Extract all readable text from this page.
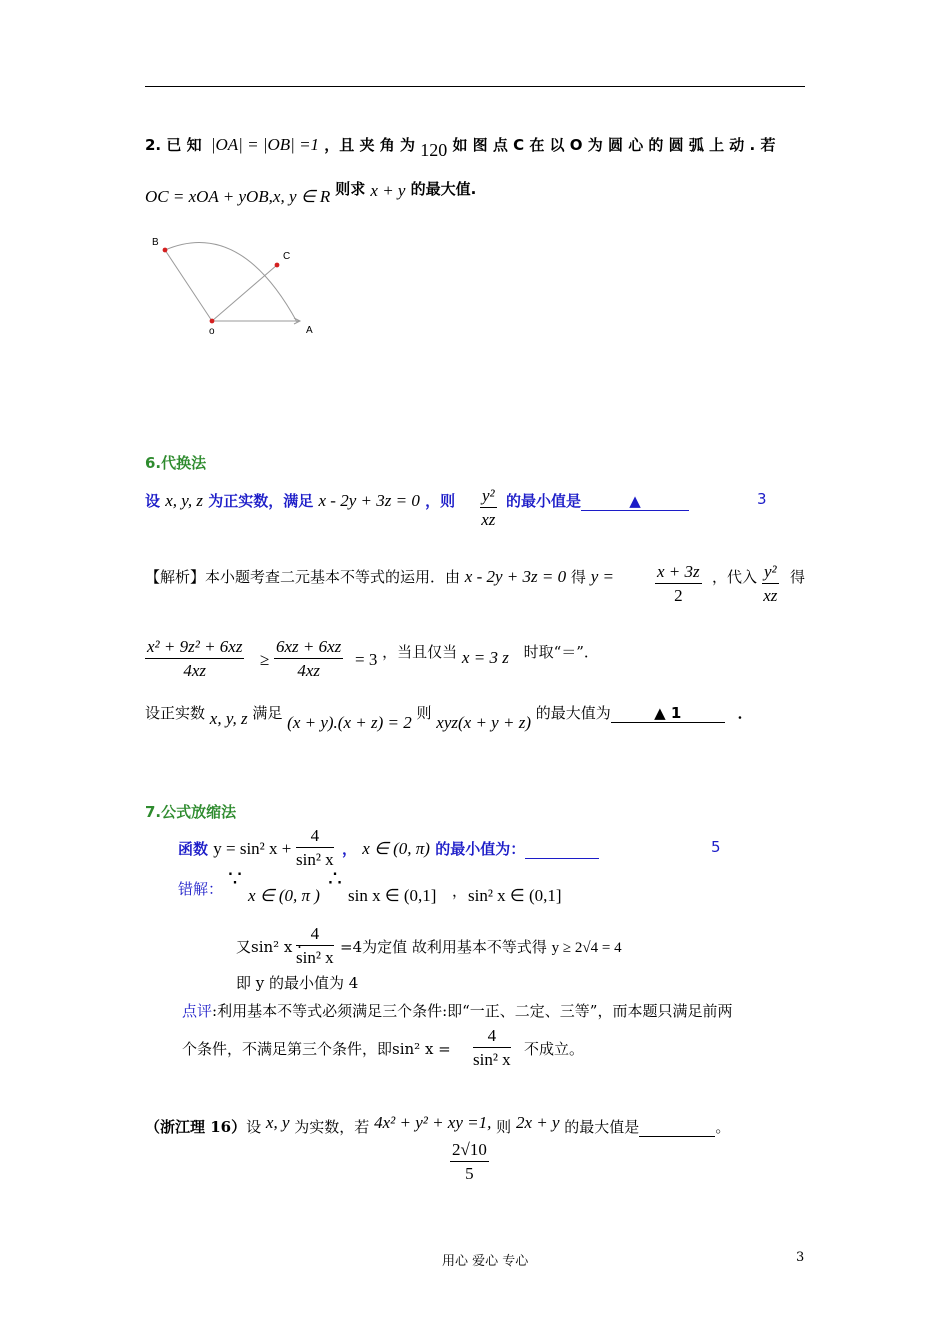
2. 已 知 |OA| = |OB| =1 ，且 夹 角 为 120 如 图 点 C 在 以 O 为 圆 心 的 圆 弧 上 动 . 若
OC = xOA + yOB,x, y ∈ R 则求 x + y 的最大值.
B
C
o	A
6.代换法
设 x, y, z 为正实数，满足 x - 2y + 3z = 0 ，则 $\frac{\text{y²}}{xz}$ 的最小值是	▲	3
【解析】本小题考查二元基本不等式的运用．由 x - 2y + 3z = 0 得 $y = \frac{x + 3z}{2}$ ，代入 $\frac{\text{y²}}{xz}$ 得
$\frac{\text{x² + 9z² + 6xz}}{4xz} \ge \frac{6xz + 6xz}{4xz} = 3$ ，当且仅当 x = 3 z 时取“＝”．
设正实数 x, y, z 满足 (x + y).(x + z) = 2 则 xyz(x + y + z) 的最大值为	▲ 1	．
7.公式放缩法
函数 y = sin² $x + \frac{4}{\text{sin² x}}$ ， x ∈ (0, π) 的最小值为：	5
错解： ∵
x ∈ (0, π )
∴
sin x ∈ (0,1] ， sin² x ∈ (0,1]
又sin² x ·
$\frac{4}{\text{sin² x}} =4$为定值 故利用基本不等式得 y ≥ 2√4 = 4
即 y 的最小值为 4
点评:利用基本不等式必须满足三个条件:即“一正、二定、三等”，而本题只满足前两
个条件，不满足第三个条件，即sin² $x = \frac{4}{\text{sin² x}}$ 不成立。
（浙江理 16）设 x, y 为实数，若 4x² + y² + xy =1, 则 2x + y 的最大值是	。
$\frac{2√10}{5}$
用心 爱心 专心	3
